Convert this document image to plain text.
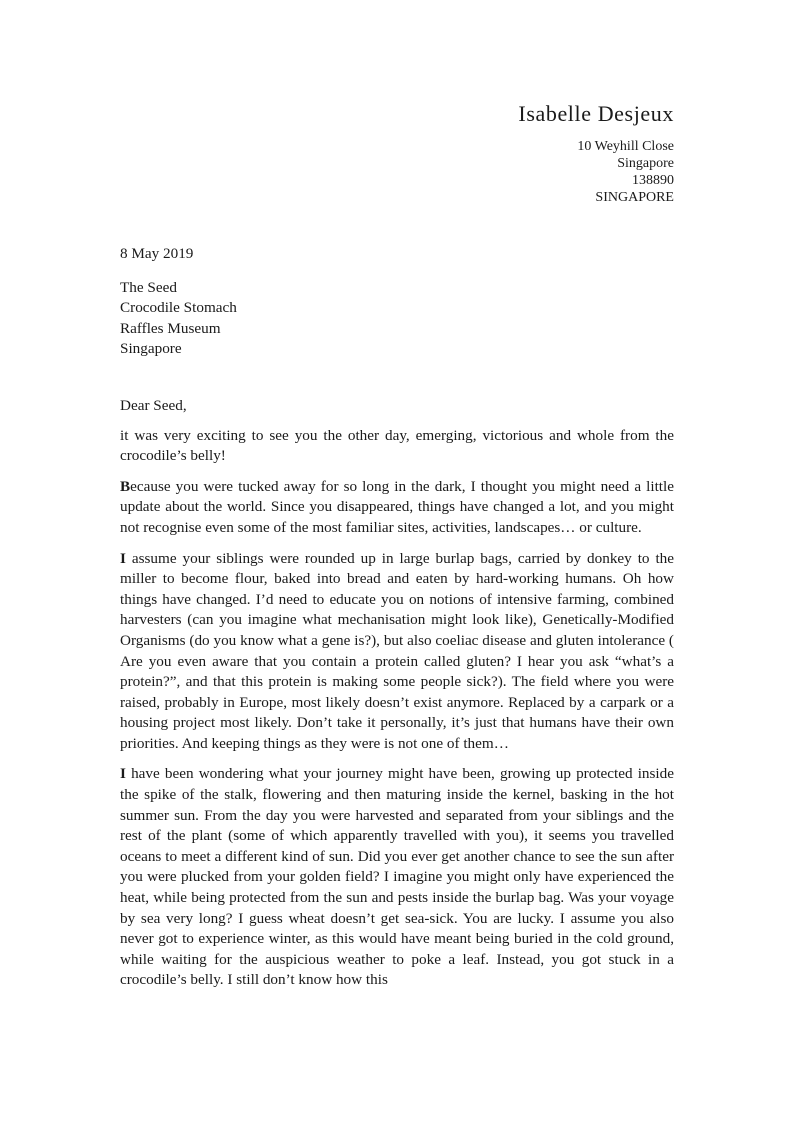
Isabelle Desjeux
10 Weyhill Close
Singapore
138890
SINGAPORE
8 May 2019
The Seed
Crocodile Stomach
Raffles Museum
Singapore
Dear Seed,

it was very exciting to see you the other day, emerging, victorious and whole from the crocodile’s belly!

Because you were tucked away for so long in the dark, I thought you might need a little update about the world. Since you disappeared, things have changed a lot, and you might not recognise even some of the most familiar sites, activities, landscapes… or culture.

I assume your siblings were rounded up in large burlap bags, carried by donkey to the miller to become flour, baked into bread and eaten by hard-working humans. Oh how things have changed. I’d need to educate you on notions of intensive farming, combined harvesters (can you imagine what mechanisation might look like), Genetically-Modified Organisms (do you know what a gene is?), but also coeliac disease and gluten intolerance ( Are you even aware that you contain a protein called gluten? I hear you ask “what’s a protein?”, and that this protein is making some people sick?). The field where you were raised, probably in Europe, most likely doesn’t exist anymore. Replaced by a carpark or a housing project most likely. Don’t take it personally, it’s just that humans have their own priorities. And keeping things as they were is not one of them…

I have been wondering what your journey might have been, growing up protected inside the spike of the stalk, flowering and then maturing inside the kernel, basking in the hot summer sun. From the day you were harvested and separated from your siblings and the rest of the plant (some of which apparently travelled with you), it seems you travelled oceans to meet a different kind of sun. Did you ever get another chance to see the sun after you were plucked from your golden field? I imagine you might only have experienced the heat, while being protected from the sun and pests inside the burlap bag. Was your voyage by sea very long? I guess wheat doesn’t get sea-sick. You are lucky. I assume you also never got to experience winter, as this would have meant being buried in the cold ground, while waiting for the auspicious weather to poke a leaf. Instead, you got stuck in a crocodile’s belly. I still don’t know how this
